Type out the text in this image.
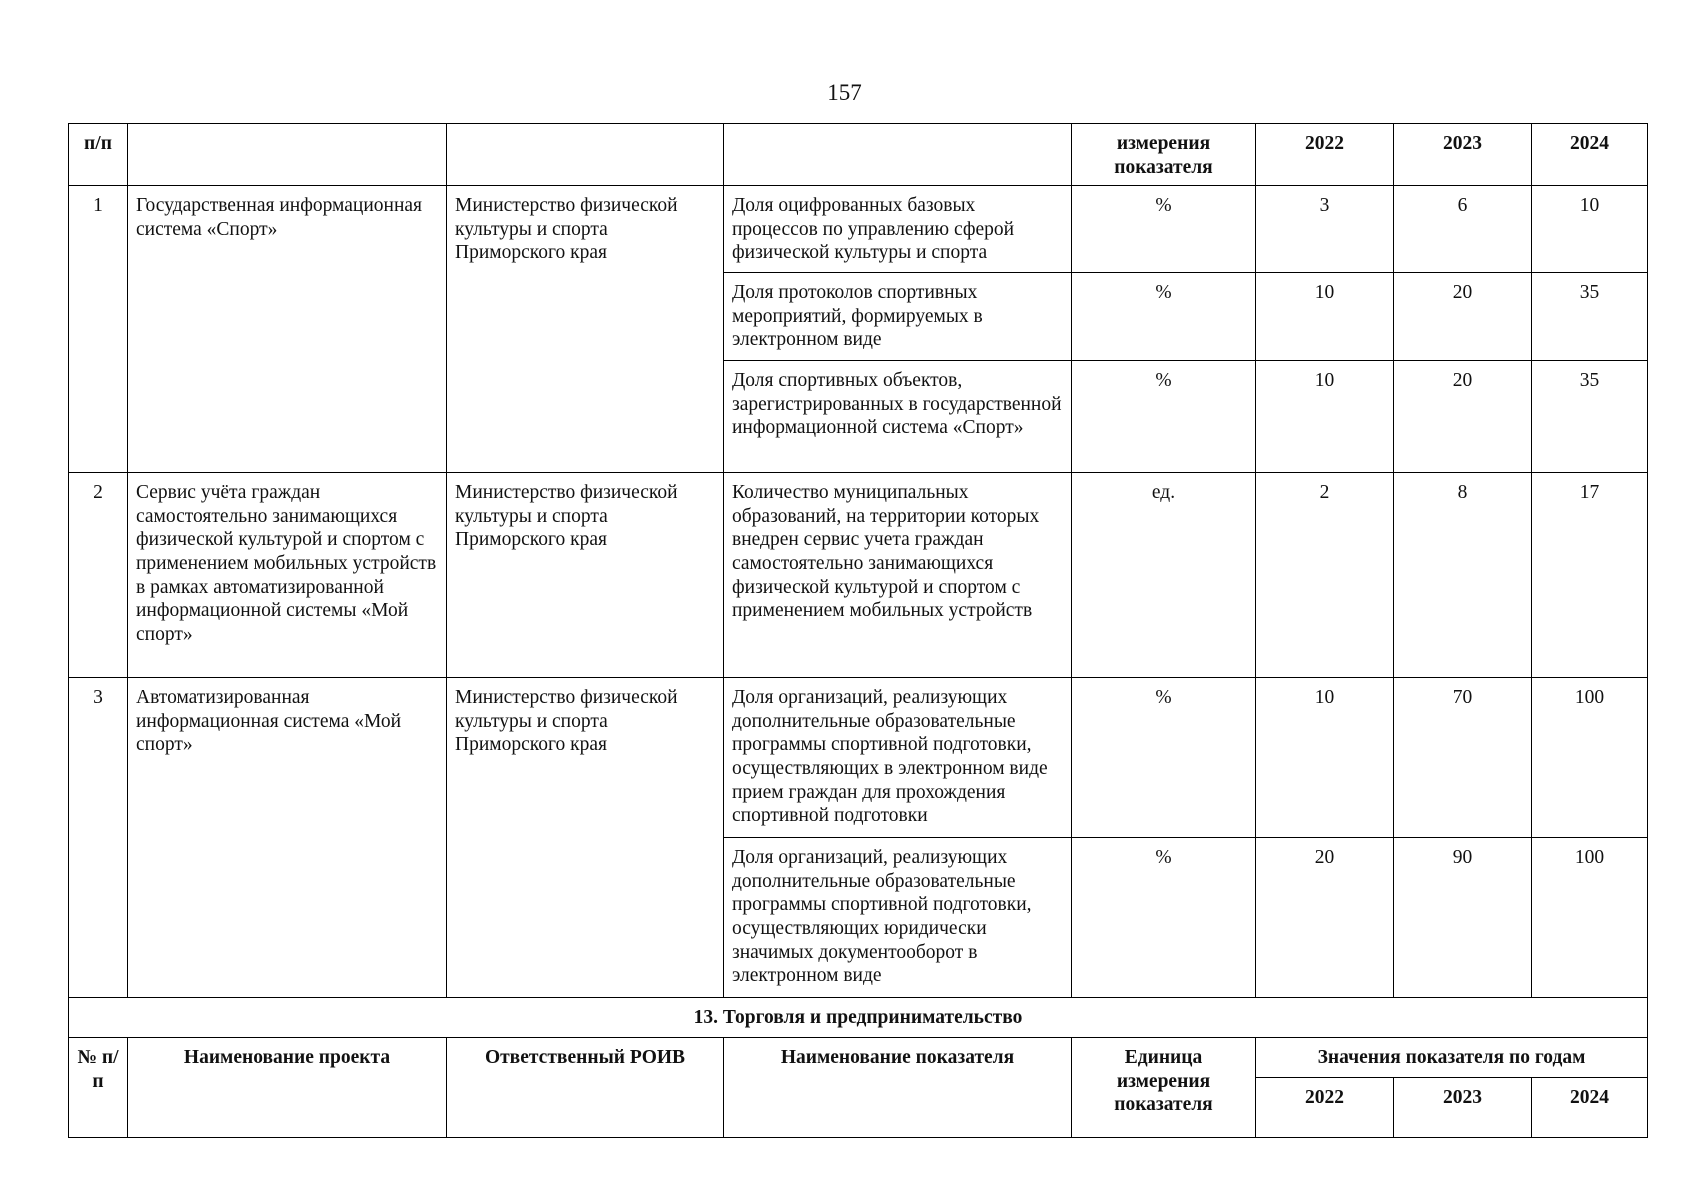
157
п/п				измерения показателя	2022	2023	2024
1	Государственная информационная система «Спорт»	Министерство физической культуры и спорта Приморского края	Доля оцифрованных базовых процессов по управлению сферой физической культуры и спорта	%	3	6	10
			Доля протоколов спортивных мероприятий, формируемых в электронном виде	%	10	20	35
			Доля спортивных объектов, зарегистрированных в государственной информационной система «Спорт»	%	10	20	35
2	Сервис учёта граждан самостоятельно занимающихся физической культурой и спортом с применением мобильных устройств в рамках автоматизированной информационной системы «Мой спорт»	Министерство физической культуры и спорта Приморского края	Количество муниципальных образований, на территории которых внедрен сервис учета граждан самостоятельно занимающихся физической культурой и спортом с применением мобильных устройств	ед.	2	8	17
3	Автоматизированная информационная система «Мой спорт»	Министерство физической культуры и спорта Приморского края	Доля организаций, реализующих дополнительные образовательные программы спортивной подготовки, осуществляющих в электронном виде прием граждан для прохождения спортивной подготовки	%	10	70	100
			Доля организаций, реализующих дополнительные образовательные программы спортивной подготовки, осуществляющих юридически значимых документооборот в электронном виде	%	20	90	100
13. Торговля и предпринимательство							
№ п/п	Наименование проекта	Ответственный РОИВ	Наименование показателя	Единица измерения показателя	Значения показателя по годам		
					2022	2023	2024
